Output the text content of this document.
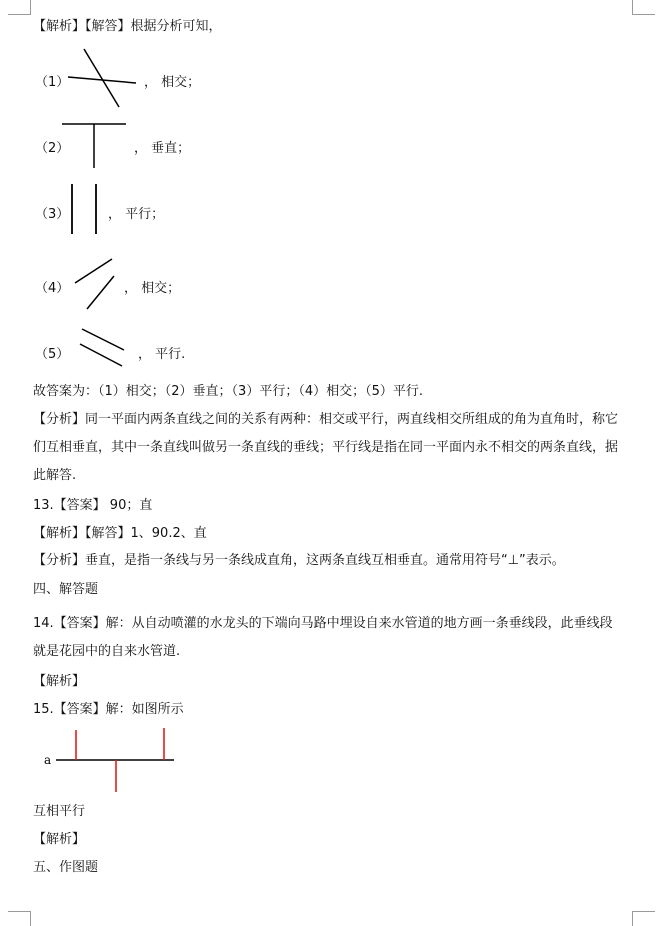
【解析】【解答】根据分析可知，
（1）	， 相交；
（2）	， 垂直；
（3）	， 平行；
（4）	， 相交；
（5）	， 平行.
故答案为：（1）相交；（2）垂直；（3）平行；（4）相交；（5）平行.
【分析】同一平面内两条直线之间的关系有两种：相交或平行，两直线相交所组成的角为直角时，称它们互相垂直，其中一条直线叫做另一条直线的垂线；平行线是指在同一平面内永不相交的两条直线，据此解答.
13.【答案】 90；直
【解析】【解答】1、90.2、直
【分析】垂直，是指一条线与另一条线成直角，这两条直线互相垂直。通常用符号“⊥”表示。
四、解答题
14.【答案】解：从自动喷灌的水龙头的下端向马路中埋设自来水管道的地方画一条垂线段，此垂线段就是花园中的自来水管道.
【解析】
15.【答案】解：如图所示
a
互相平行
【解析】
五、作图题
